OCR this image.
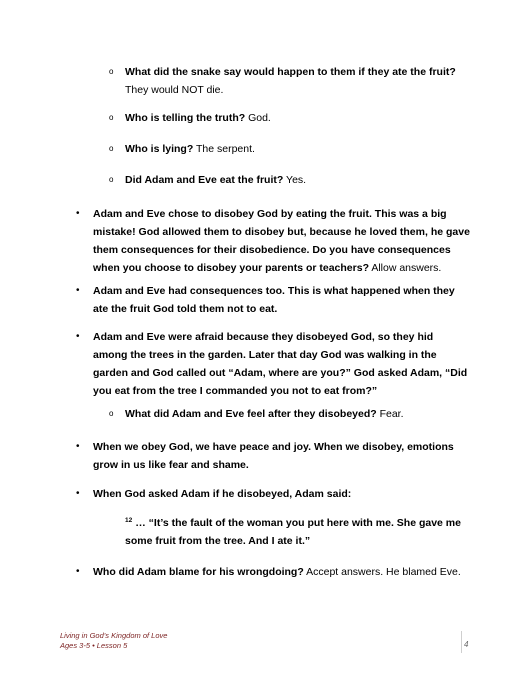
o What did the snake say would happen to them if they ate the fruit? They would NOT die.
o Who is telling the truth? God.
o Who is lying? The serpent.
o Did Adam and Eve eat the fruit? Yes.
• Adam and Eve chose to disobey God by eating the fruit. This was a big mistake! God allowed them to disobey but, because he loved them, he gave them consequences for their disobedience. Do you have consequences when you choose to disobey your parents or teachers? Allow answers.
• Adam and Eve had consequences too. This is what happened when they ate the fruit God told them not to eat.
• Adam and Eve were afraid because they disobeyed God, so they hid among the trees in the garden. Later that day God was walking in the garden and God called out “Adam, where are you?” God asked Adam, “Did you eat from the tree I commanded you not to eat from?”
o What did Adam and Eve feel after they disobeyed? Fear.
• When we obey God, we have peace and joy. When we disobey, emotions grow in us like fear and shame.
• When God asked Adam if he disobeyed, Adam said:
$^{12}$ … “It’s the fault of the woman you put here with me. She gave me some fruit from the tree. And I ate it.”
• Who did Adam blame for his wrongdoing? Accept answers. He blamed Eve.
Living in God’s Kingdom of Love
Ages 3-5 • Lesson 5	4
